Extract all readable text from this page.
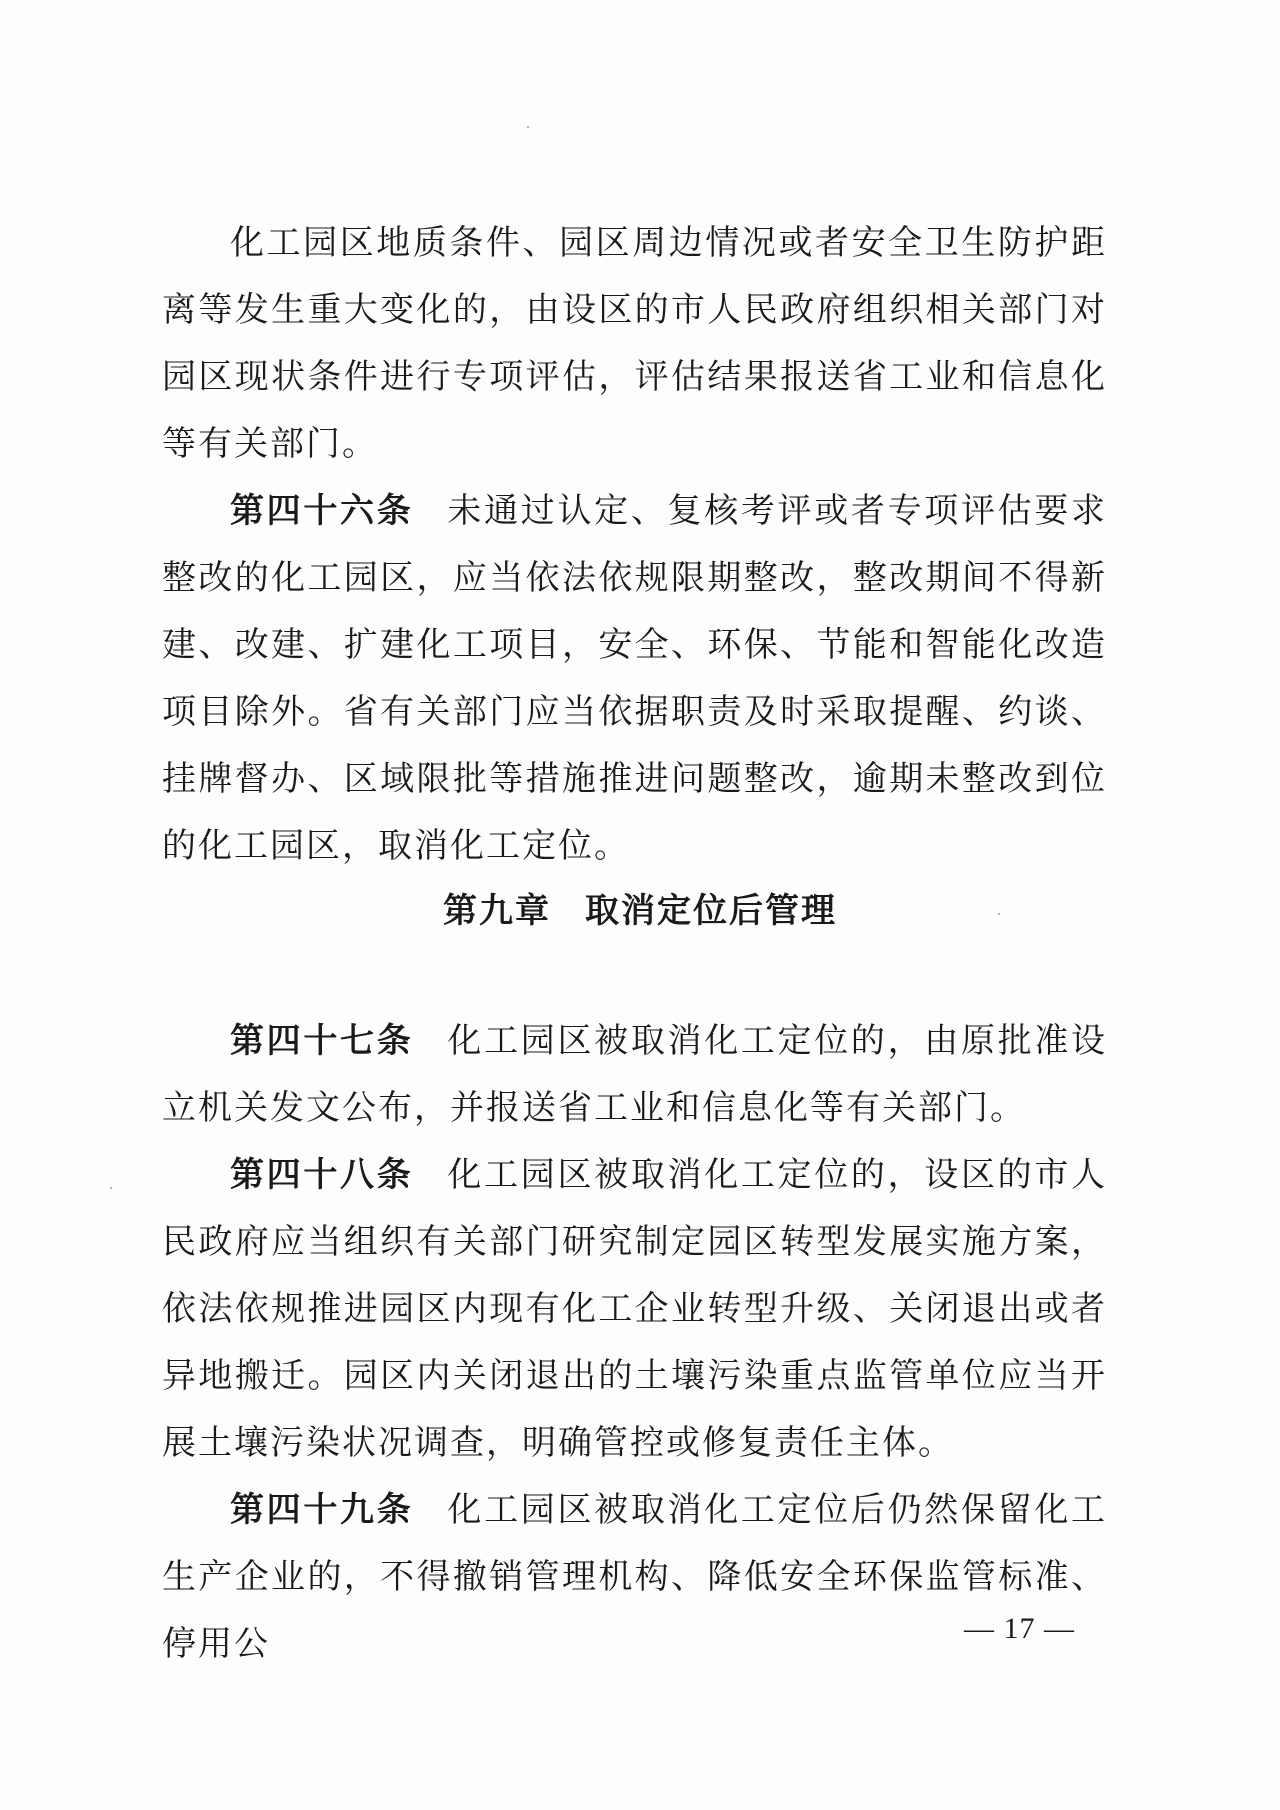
化工园区地质条件、园区周边情况或者安全卫生防护距离等发生重大变化的，由设区的市人民政府组织相关部门对园区现状条件进行专项评估，评估结果报送省工业和信息化等有关部门。

第四十六条 未通过认定、复核考评或者专项评估要求整改的化工园区，应当依法依规限期整改，整改期间不得新建、改建、扩建化工项目，安全、环保、节能和智能化改造项目除外。省有关部门应当依据职责及时采取提醒、约谈、挂牌督办、区域限批等措施推进问题整改，逾期未整改到位的化工园区，取消化工定位。

第九章 取消定位后管理

第四十七条 化工园区被取消化工定位的，由原批准设立机关发文公布，并报送省工业和信息化等有关部门。

第四十八条 化工园区被取消化工定位的，设区的市人民政府应当组织有关部门研究制定园区转型发展实施方案，依法依规推进园区内现有化工企业转型升级、关闭退出或者异地搬迁。园区内关闭退出的土壤污染重点监管单位应当开展土壤污染状况调查，明确管控或修复责任主体。

第四十九条 化工园区被取消化工定位后仍然保留化工生产企业的，不得撤销管理机构、降低安全环保监管标准、停用公	— 17 —
